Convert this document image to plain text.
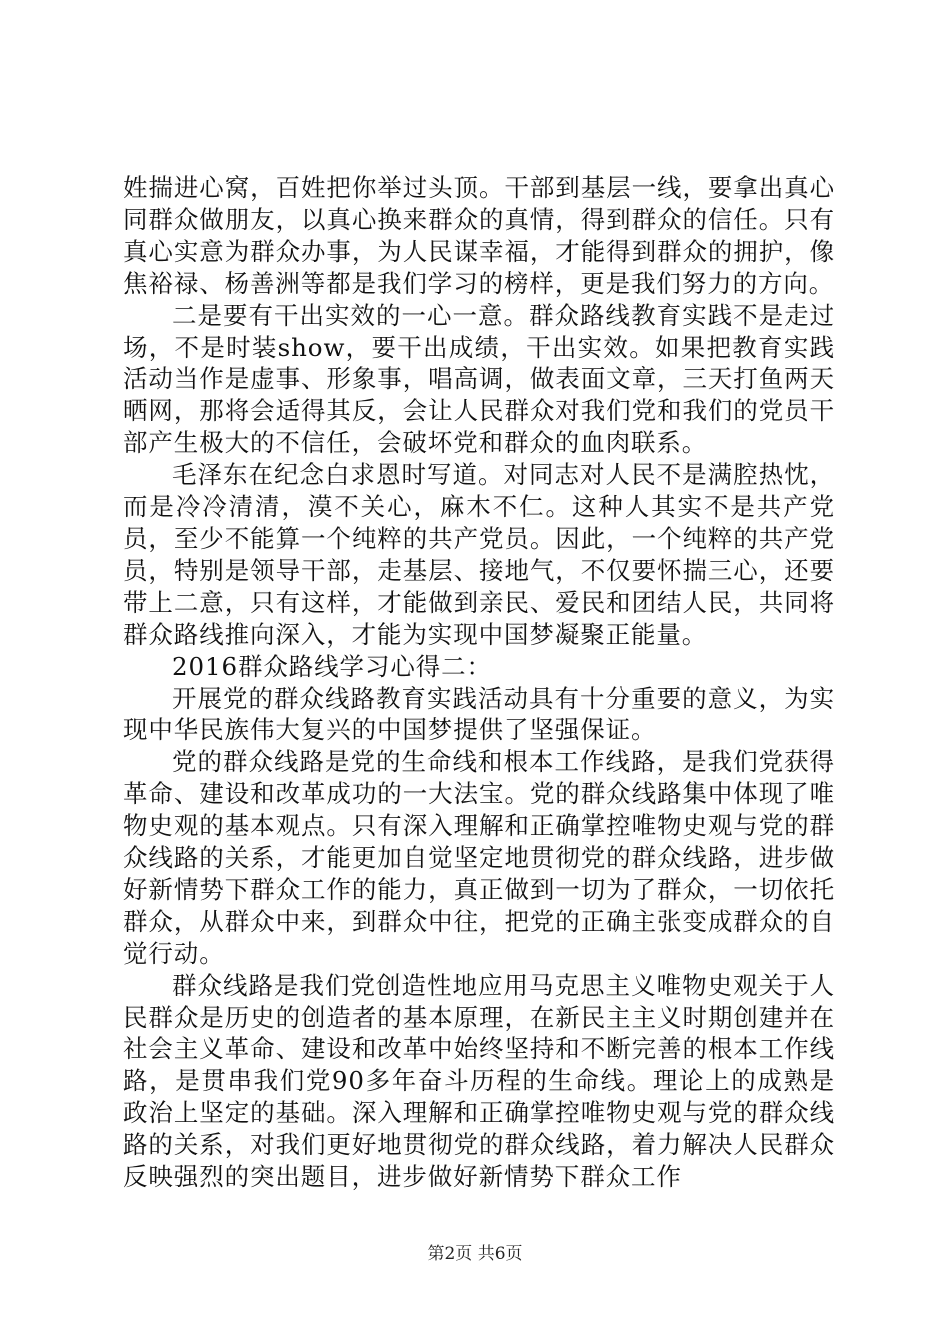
姓揣进心窝，百姓把你举过头顶。干部到基层一线，要拿出真心同群众做朋友，以真心换来群众的真情，得到群众的信任。只有真心实意为群众办事，为人民谋幸福，才能得到群众的拥护，像焦裕禄、杨善洲等都是我们学习的榜样，更是我们努力的方向。

二是要有干出实效的一心一意。群众路线教育实践不是走过场，不是时装show，要干出成绩，干出实效。如果把教育实践活动当作是虚事、形象事，唱高调，做表面文章，三天打鱼两天晒网，那将会适得其反，会让人民群众对我们党和我们的党员干部产生极大的不信任，会破坏党和群众的血肉联系。

毛泽东在纪念白求恩时写道。对同志对人民不是满腔热忱，而是冷冷清清，漠不关心，麻木不仁。这种人其实不是共产党员，至少不能算一个纯粹的共产党员。因此，一个纯粹的共产党员，特别是领导干部，走基层、接地气，不仅要怀揣三心，还要带上二意，只有这样，才能做到亲民、爱民和团结人民，共同将群众路线推向深入，才能为实现中国梦凝聚正能量。

2016群众路线学习心得二：

开展党的群众线路教育实践活动具有十分重要的意义，为实现中华民族伟大复兴的中国梦提供了坚强保证。

党的群众线路是党的生命线和根本工作线路，是我们党获得革命、建设和改革成功的一大法宝。党的群众线路集中体现了唯物史观的基本观点。只有深入理解和正确掌控唯物史观与党的群众线路的关系，才能更加自觉坚定地贯彻党的群众线路，进步做好新情势下群众工作的能力，真正做到一切为了群众，一切依托群众，从群众中来，到群众中往，把党的正确主张变成群众的自觉行动。

群众线路是我们党创造性地应用马克思主义唯物史观关于人民群众是历史的创造者的基本原理，在新民主主义时期创建并在社会主义革命、建设和改革中始终坚持和不断完善的根本工作线路，是贯串我们党90多年奋斗历程的生命线。理论上的成熟是政治上坚定的基础。深入理解和正确掌控唯物史观与党的群众线路的关系，对我们更好地贯彻党的群众线路，着力解决人民群众反映强烈的突出题目，进步做好新情势下群众工作

第2页 共6页
